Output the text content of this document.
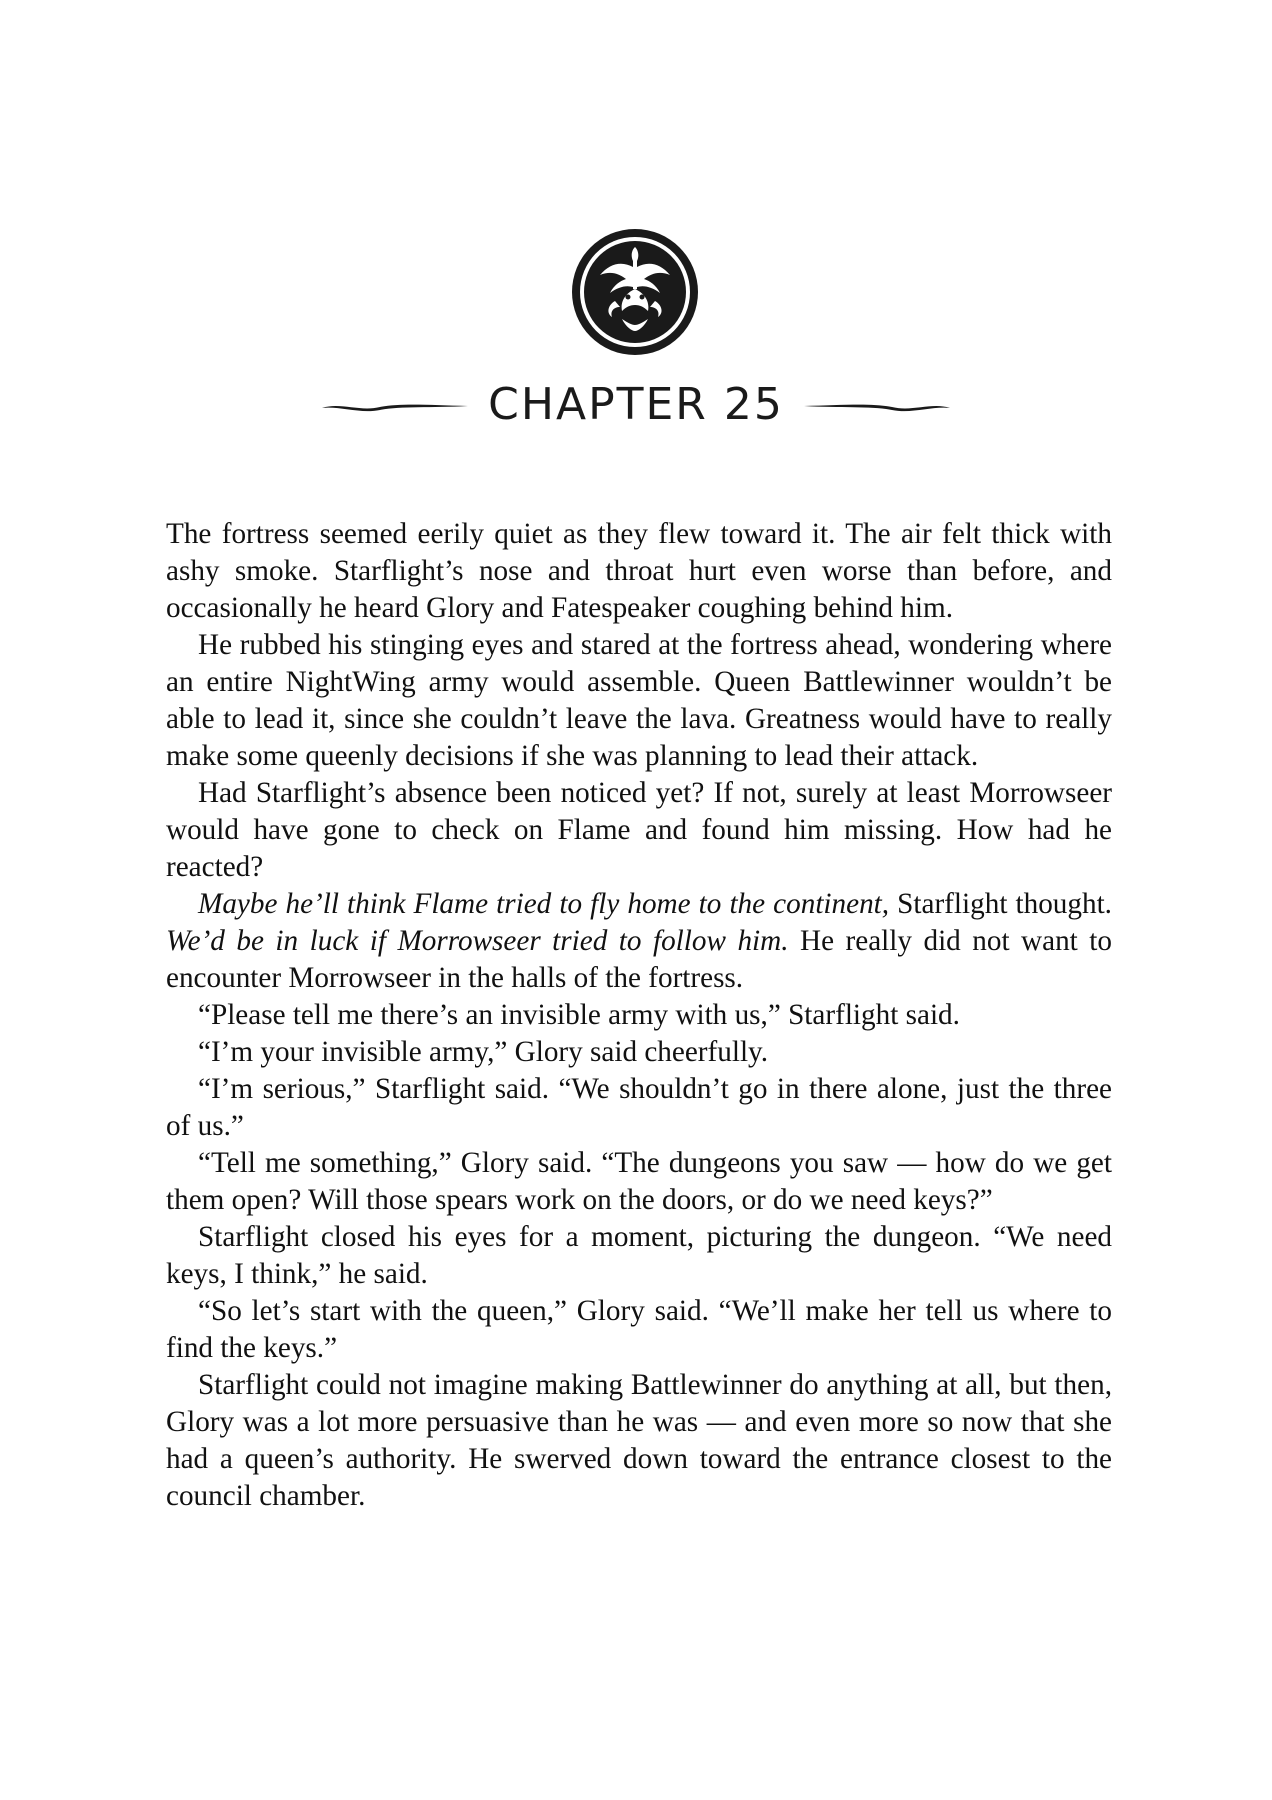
CHAPTER 25

The fortress seemed eerily quiet as they flew toward it. The air felt thick with ashy smoke. Starflight’s nose and throat hurt even worse than before, and occasionally he heard Glory and Fatespeaker coughing behind him.

He rubbed his stinging eyes and stared at the fortress ahead, wondering where an entire NightWing army would assemble. Queen Battlewinner wouldn’t be able to lead it, since she couldn’t leave the lava. Greatness would have to really make some queenly decisions if she was planning to lead their attack.

Had Starflight’s absence been noticed yet? If not, surely at least Morrowseer would have gone to check on Flame and found him missing. How had he reacted?

Maybe he’ll think Flame tried to fly home to the continent, Starflight thought. We’d be in luck if Morrowseer tried to follow him. He really did not want to encounter Morrowseer in the halls of the fortress.

“Please tell me there’s an invisible army with us,” Starflight said.

“I’m your invisible army,” Glory said cheerfully.

“I’m serious,” Starflight said. “We shouldn’t go in there alone, just the three of us.”

“Tell me something,” Glory said. “The dungeons you saw — how do we get them open? Will those spears work on the doors, or do we need keys?”

Starflight closed his eyes for a moment, picturing the dungeon. “We need keys, I think,” he said.

“So let’s start with the queen,” Glory said. “We’ll make her tell us where to find the keys.”

Starflight could not imagine making Battlewinner do anything at all, but then, Glory was a lot more persuasive than he was — and even more so now that she had a queen’s authority. He swerved down toward the entrance closest to the council chamber.
